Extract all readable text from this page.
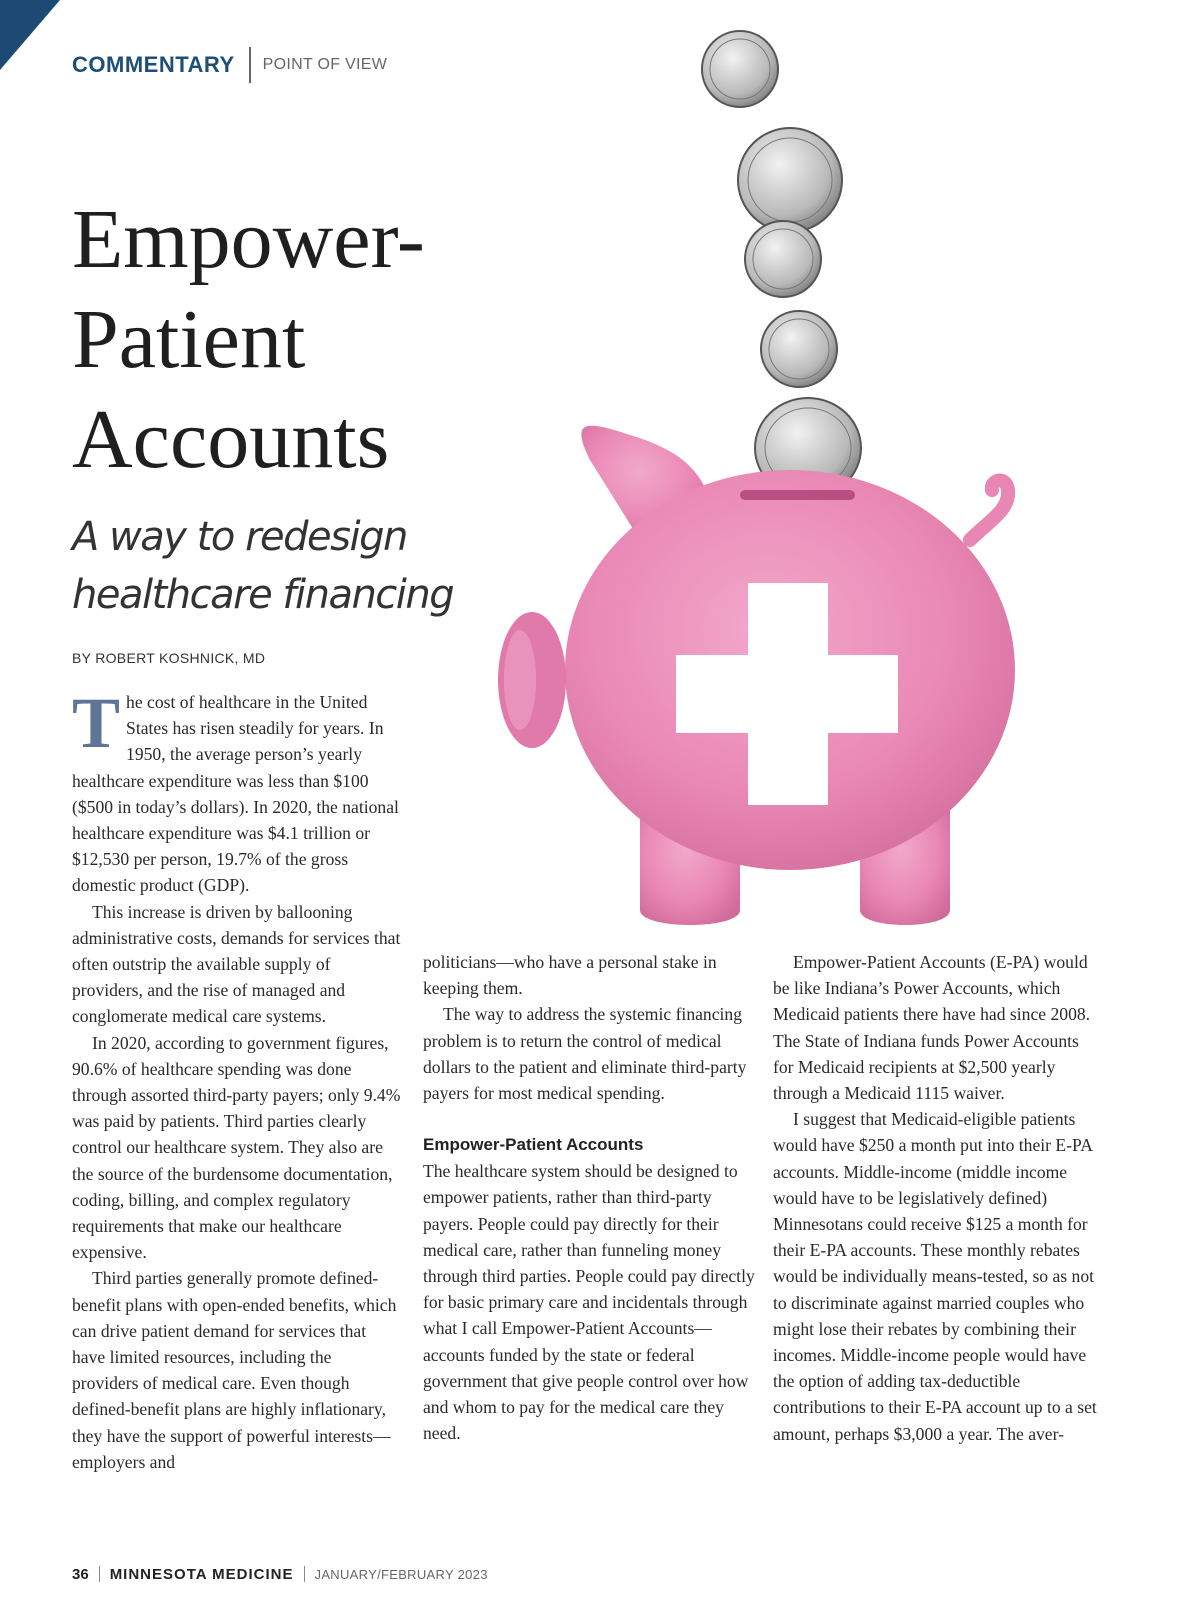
COMMENTARY POINT OF VIEW
Empower-
Patient
Accounts
A way to redesign
healthcare financing
BY ROBERT KOSHNICK, MD

The cost of healthcare in the United States has risen steadily for years. In 1950, the average person’s yearly healthcare expenditure was less than $100 ($500 in today’s dollars). In 2020, the national healthcare expenditure was $4.1 trillion or $12,530 per person, 19.7% of the gross domestic product (GDP).

This increase is driven by ballooning administrative costs, demands for services that often outstrip the available supply of providers, and the rise of managed and conglomerate medical care systems.

In 2020, according to government figures, 90.6% of healthcare spending was done through assorted third-party payers; only 9.4% was paid by patients. Third parties clearly control our healthcare system. They also are the source of the burdensome documentation, coding, billing, and complex regulatory requirements that make our healthcare expensive.

Third parties generally promote defined-benefit plans with open-ended benefits, which can drive patient demand for services that have limited resources, including the providers of medical care. Even though defined-benefit plans are highly inflationary, they have the support of powerful interests—employers and

politicians—who have a personal stake in keeping them.

The way to address the systemic financing problem is to return the control of medical dollars to the patient and eliminate third-party payers for most medical spending.

Empower-Patient Accounts

The healthcare system should be designed to empower patients, rather than third-party payers. People could pay directly for their medical care, rather than funneling money through third parties. People could pay directly for basic primary care and incidentals through what I call Empower-Patient Accounts—accounts funded by the state or federal government that give people control over how and whom to pay for the medical care they need.

Empower-Patient Accounts (E-PA) would be like Indiana’s Power Accounts, which Medicaid patients there have had since 2008. The State of Indiana funds Power Accounts for Medicaid recipients at $2,500 yearly through a Medicaid 1115 waiver.

I suggest that Medicaid-eligible patients would have $250 a month put into their E-PA accounts. Middle-income (middle income would have to be legislatively defined) Minnesotans could receive $125 a month for their E-PA accounts. These monthly rebates would be individually means-tested, so as not to discriminate against married couples who might lose their rebates by combining their incomes. Middle-income people would have the option of adding tax-deductible contributions to their E-PA account up to a set amount, perhaps $3,000 a year. The aver-

36 MINNESOTA MEDICINE JANUARY/FEBRUARY 2023
